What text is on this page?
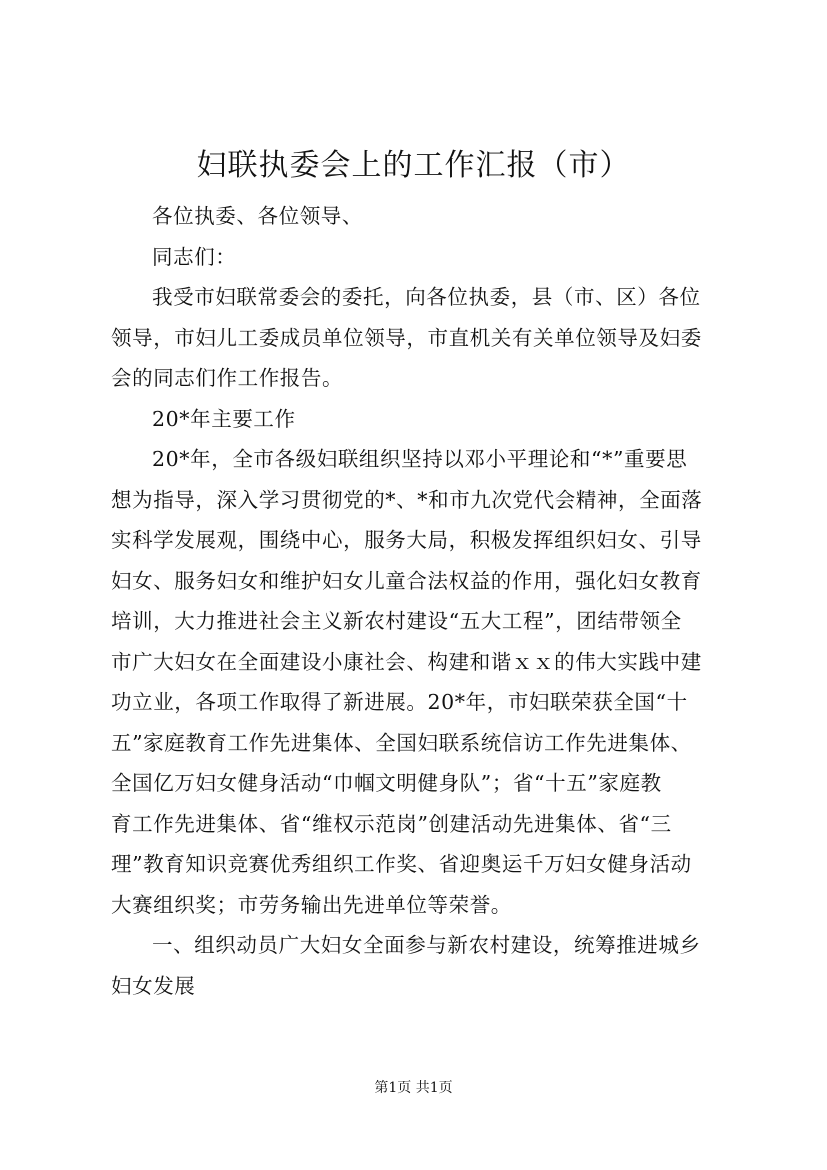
妇联执委会上的工作汇报（市）
各位执委、各位领导、
同志们：
我受市妇联常委会的委托，向各位执委，县（市、区）各位
领导，市妇儿工委成员单位领导，市直机关有关单位领导及妇委
会的同志们作工作报告。
20*年主要工作
20*年，全市各级妇联组织坚持以邓小平理论和“*”重要思
想为指导，深入学习贯彻党的*、*和市九次党代会精神，全面落
实科学发展观，围绕中心，服务大局，积极发挥组织妇女、引导
妇女、服务妇女和维护妇女儿童合法权益的作用，强化妇女教育
培训，大力推进社会主义新农村建设“五大工程”，团结带领全
市广大妇女在全面建设小康社会、构建和谐ｘｘ的伟大实践中建
功立业，各项工作取得了新进展。20*年，市妇联荣获全国“十
五”家庭教育工作先进集体、全国妇联系统信访工作先进集体、
全国亿万妇女健身活动“巾帼文明健身队”；省“十五”家庭教
育工作先进集体、省“维权示范岗”创建活动先进集体、省“三
理”教育知识竞赛优秀组织工作奖、省迎奥运千万妇女健身活动
大赛组织奖；市劳务输出先进单位等荣誉。
一、组织动员广大妇女全面参与新农村建设，统筹推进城乡
妇女发展
第1页 共1页
